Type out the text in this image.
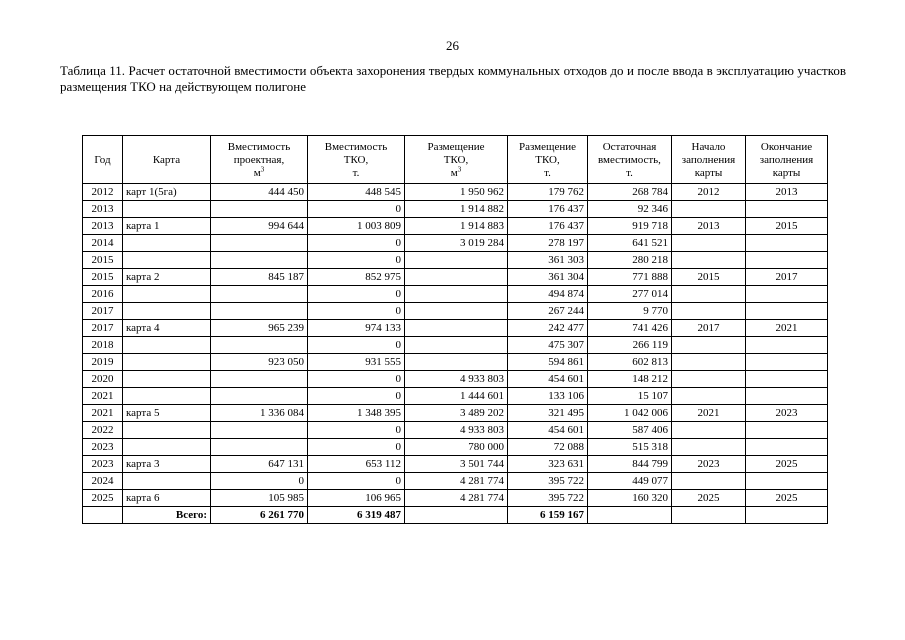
26
Таблица 11. Расчет остаточной вместимости объекта захоронения твердых коммунальных отходов до и после ввода в эксплуатацию участков размещения ТКО на действующем полигоне
Год	Карта	Вместимость
проектная,
$м^3$	Вместимость
ТКО,
т.	Размещение
ТКО,
$м^3$	Размещение
ТКО,
т.	Остаточная
вместимость,
т.	Начало
заполнения
карты	Окончание
заполнения
карты

2012	карт 1(5га)	444 450	448 545	1 950 962	179 762	268 784	2012	2013
2013			0	1 914 882	176 437	92 346		
2013	карта 1	994 644	1 003 809	1 914 883	176 437	919 718	2013	2015
2014			0	3 019 284	278 197	641 521		
2015			0		361 303	280 218		
2015	карта 2	845 187	852 975		361 304	771 888	2015	2017
2016			0		494 874	277 014		
2017			0		267 244	9 770		
2017	карта 4	965 239	974 133		242 477	741 426	2017	2021
2018			0		475 307	266 119		
2019		923 050	931 555		594 861	602 813		
2020			0	4 933 803	454 601	148 212		
2021			0	1 444 601	133 106	15 107		
2021	карта 5	1 336 084	1 348 395	3 489 202	321 495	1 042 006	2021	2023
2022			0	4 933 803	454 601	587 406		
2023			0	780 000	72 088	515 318		
2023	карта 3	647 131	653 112	3 501 744	323 631	844 799	2023	2025
2024		0	0	4 281 774	395 722	449 077		
2025	карта 6	105 985	106 965	4 281 774	395 722	160 320	2025	2025
	Всего:	6 261 770	6 319 487		6 159 167			
